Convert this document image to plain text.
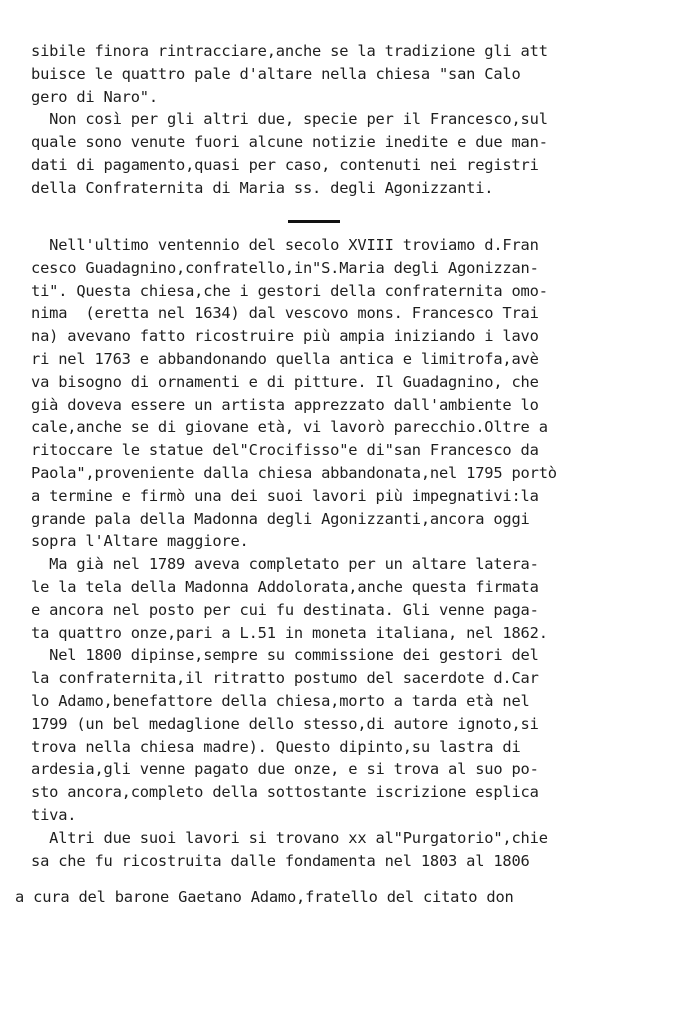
sibile finora rintracciare,anche se la tradizione gli att
buisce le quattro pale d'altare nella chiesa "san Calo
gero di Naro".
Non così per gli altri due, specie per il Francesco,sul
quale sono venute fuori alcune notizie inedite e due man-
dati di pagamento,quasi per caso, contenuti nei registri
della Confraternita di Maria ss. degli Agonizzanti.
Nell'ultimo ventennio del secolo XVIII troviamo d.Fran
cesco Guadagnino,confratello,in"S.Maria degli Agonizzan-
ti". Questa chiesa,che i gestori della confraternita omo-
nima  (eretta nel 1634) dal vescovo mons. Francesco Trai
na) avevano fatto ricostruire più ampia iniziando i lavo
ri nel 1763 e abbandonando quella antica e limitrofa,avè
va bisogno di ornamenti e di pitture. Il Guadagnino, che
già doveva essere un artista apprezzato dall'ambiente lo
cale,anche se di giovane età, vi lavorò parecchio.Oltre a
ritoccare le statue del"Crocifisso"e di"san Francesco da
Paola",proveniente dalla chiesa abbandonata,nel 1795 portò
a termine e firmò una dei suoi lavori più impegnativi:la
grande pala della Madonna degli Agonizzanti,ancora oggi
sopra l'Altare maggiore.
Ma già nel 1789 aveva completato per un altare latera-
le la tela della Madonna Addolorata,anche questa firmata
e ancora nel posto per cui fu destinata. Gli venne paga-
ta quattro onze,pari a L.51 in moneta italiana, nel 1862.
Nel 1800 dipinse,sempre su commissione dei gestori del
la confraternita,il ritratto postumo del sacerdote d.Car
lo Adamo,benefattore della chiesa,morto a tarda età nel
1799 (un bel medaglione dello stesso,di autore ignoto,si
trova nella chiesa madre). Questo dipinto,su lastra di
ardesia,gli venne pagato due onze, e si trova al suo po-
sto ancora,completo della sottostante iscrizione esplica
tiva.
Altri due suoi lavori si trovano xx al"Purgatorio",chie
sa che fu ricostruita dalle fondamenta nel 1803 al 1806
a cura del barone Gaetano Adamo,fratello del citato don
